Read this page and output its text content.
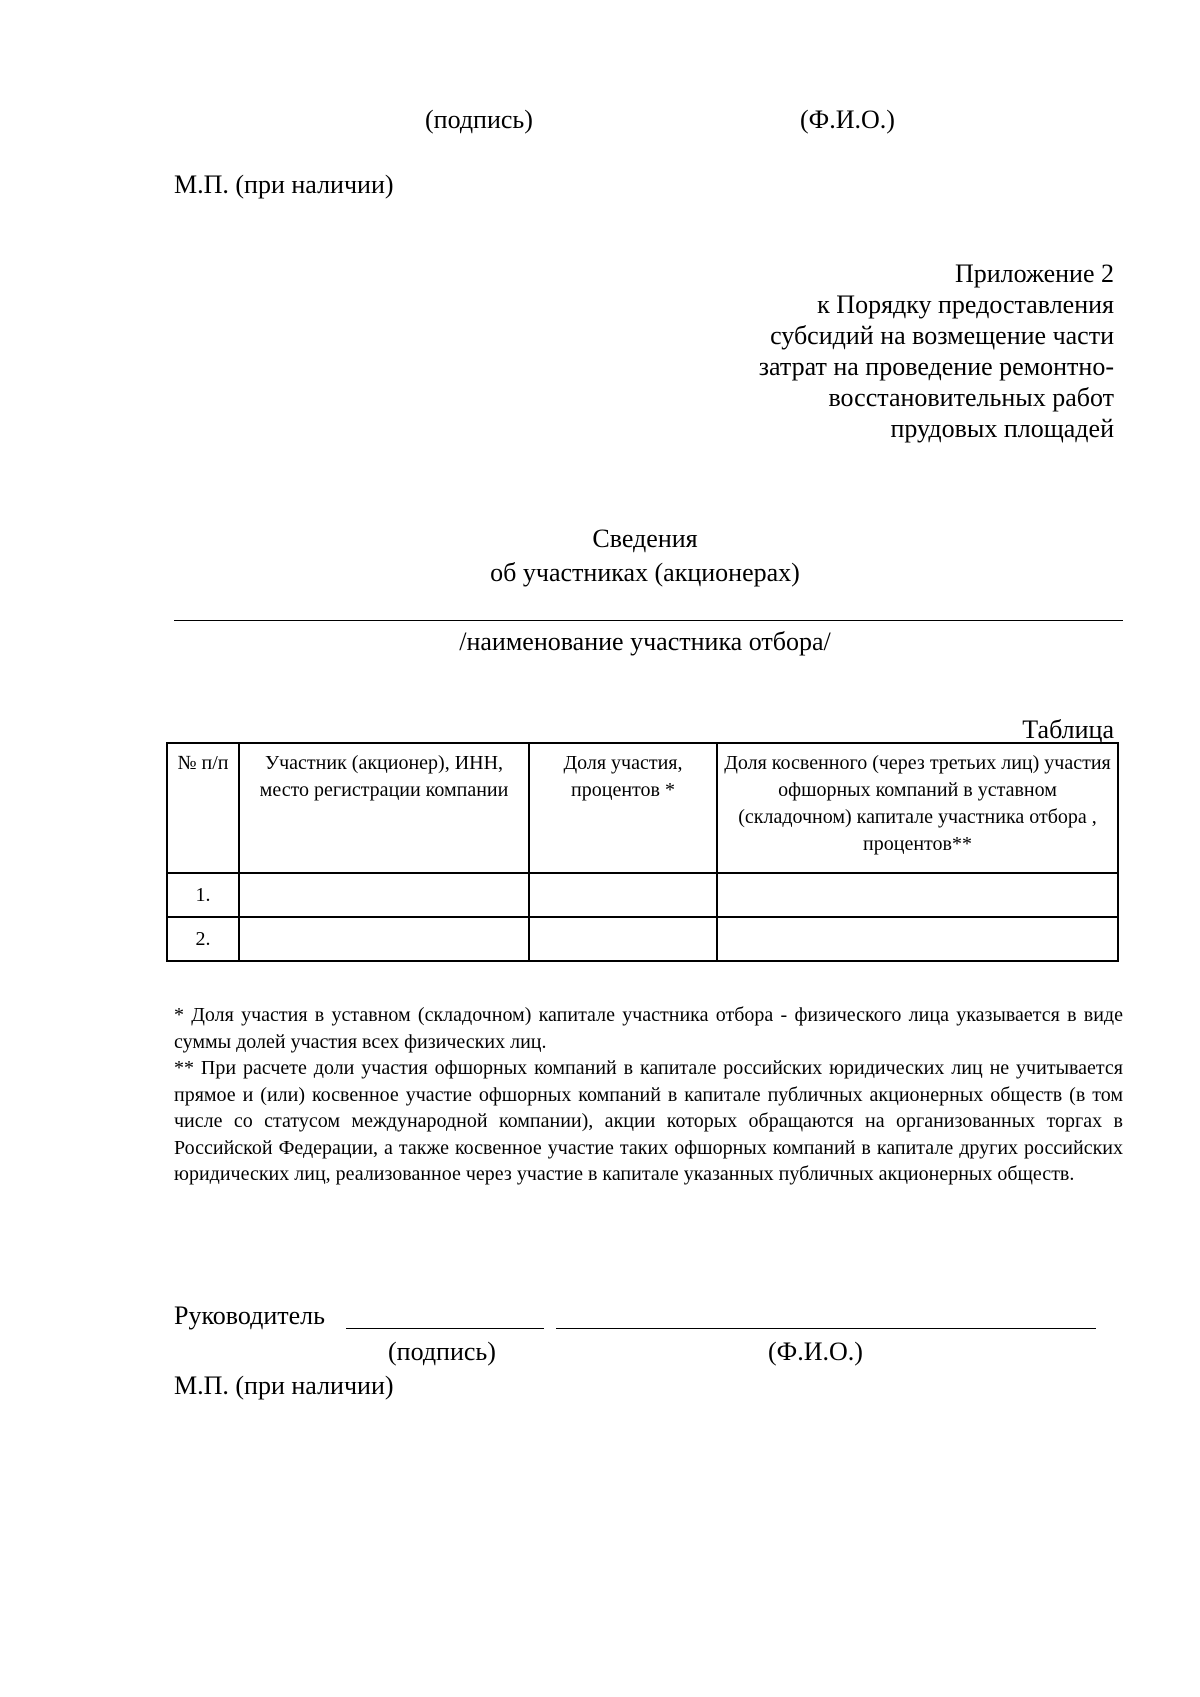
(подпись)	(Ф.И.О.)
М.П. (при наличии)
Приложение 2
к Порядку предоставления
субсидий на возмещение части
затрат на проведение ремонтно-
восстановительных работ
прудовых площадей
Сведения
об участниках (акционерах)
/наименование участника отбора/
Таблица
№ п/п	Участник (акционер), ИНН, место регистрации компании	Доля участия, процентов *	Доля косвенного (через третьих лиц) участия офшорных компаний в уставном (складочном) капитале участника отбора , процентов**
1.			
2.			

* Доля участия в уставном (складочном) капитале участника отбора - физического лица указывается в виде суммы долей участия всех физических лиц.

** При расчете доли участия офшорных компаний в капитале российских юридических лиц не учитывается прямое и (или) косвенное участие офшорных компаний в капитале публичных акционерных обществ (в том числе со статусом международной компании), акции которых обращаются на организованных торгах в Российской Федерации, а также косвенное участие таких офшорных компаний в капитале других российских юридических лиц, реализованное через участие в капитале указанных публичных акционерных обществ.

Руководитель
(подпись)	(Ф.И.О.)
М.П. (при наличии)
